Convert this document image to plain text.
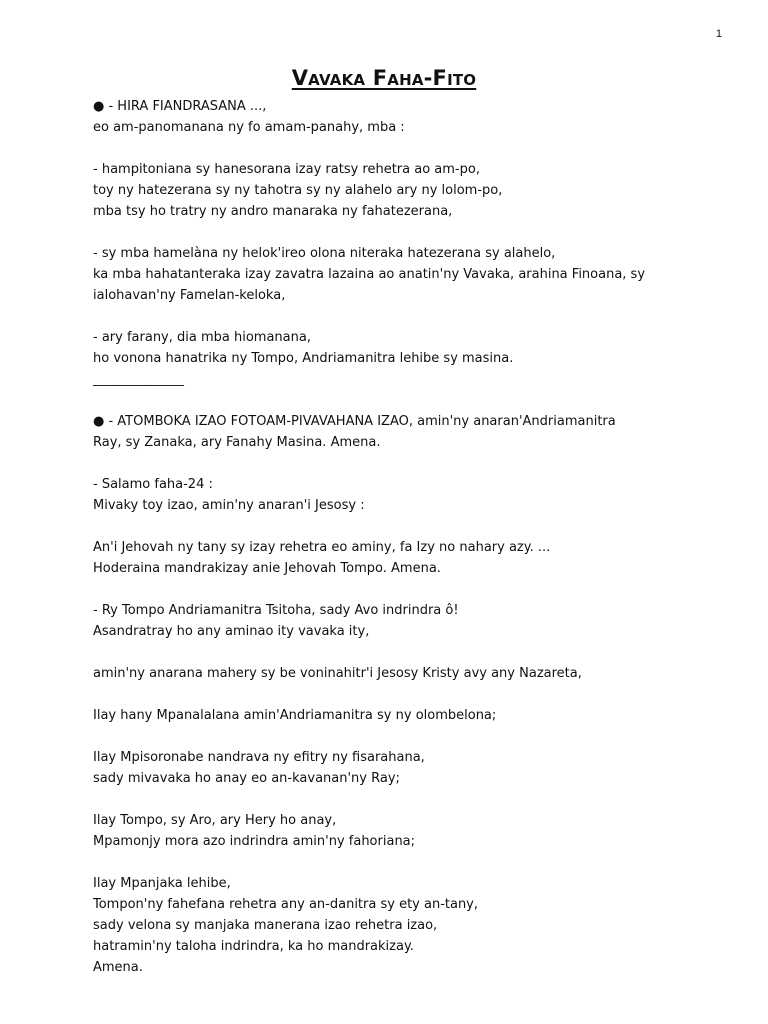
1
Vavaka Faha-Fito
● - HIRA FIANDRASANA ...,
eo am-panomanana ny fo amam-panahy, mba :
- hampitoniana sy hanesorana izay ratsy rehetra ao am-po,
toy ny hatezerana sy ny tahotra sy ny alahelo ary ny lolom-po,
mba tsy ho tratry ny andro manaraka ny fahatezerana,
- sy mba hamelàna ny helok'ireo olona niteraka hatezerana sy alahelo,
ka mba hahatanteraka izay zavatra lazaina ao anatin'ny Vavaka, arahina Finoana, sy
ialohavan'ny Famelan-keloka,
- ary farany, dia mba hiomanana,
ho vonona hanatrika ny Tompo, Andriamanitra lehibe sy masina.
______________
● - ATOMBOKA IZAO FOTOAM-PIVAVAHANA IZAO, amin'ny anaran'Andriamanitra
Ray, sy Zanaka, ary Fanahy Masina. Amena.
- Salamo faha-24 :
Mivaky toy izao, amin'ny anaran'i Jesosy :
An'i Jehovah ny tany sy izay rehetra eo aminy, fa Izy no nahary azy. ...
Hoderaina mandrakizay anie Jehovah Tompo. Amena.
- Ry Tompo Andriamanitra Tsitoha, sady Avo indrindra ô!
Asandratray ho any aminao ity vavaka ity,
amin'ny anarana mahery sy be voninahitr'i Jesosy Kristy avy any Nazareta,
Ilay hany Mpanalalana amin'Andriamanitra sy ny olombelona;
Ilay Mpisoronabe nandrava ny efitry ny fisarahana,
sady mivavaka ho anay eo an-kavanan'ny Ray;
Ilay Tompo, sy Aro, ary Hery ho anay,
Mpamonjy mora azo indrindra amin'ny fahoriana;
Ilay Mpanjaka lehibe,
Tompon'ny fahefana rehetra any an-danitra sy ety an-tany,
sady velona sy manjaka manerana izao rehetra izao,
hatramin'ny taloha indrindra, ka ho mandrakizay.
Amena.
